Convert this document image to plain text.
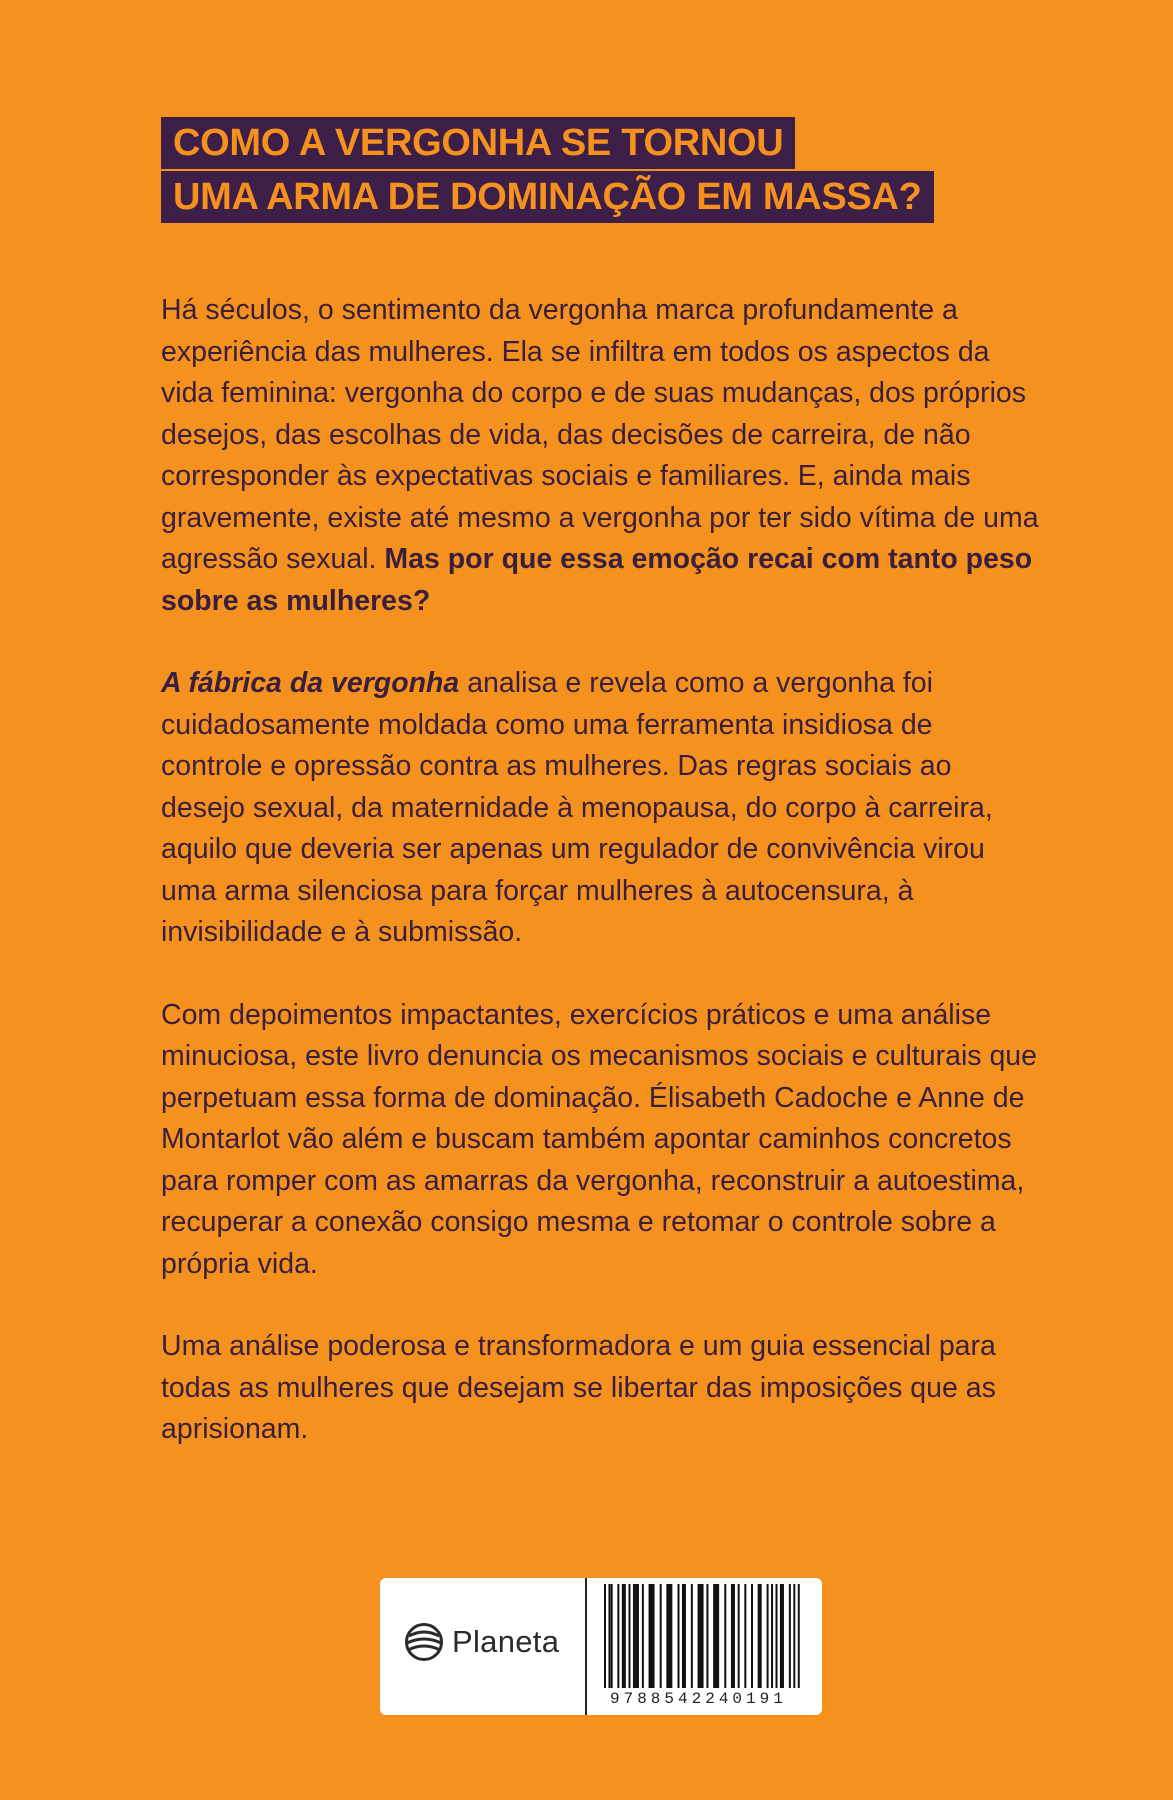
COMO A VERGONHA SE TORNOU
UMA ARMA DE DOMINAÇÃO EM MASSA?

Há séculos, o sentimento da vergonha marca profundamente a experiência das mulheres. Ela se infiltra em todos os aspectos da vida feminina: vergonha do corpo e de suas mudanças, dos próprios desejos, das escolhas de vida, das decisões de carreira, de não corresponder às expectativas sociais e familiares. E, ainda mais gravemente, existe até mesmo a vergonha por ter sido vítima de uma agressão sexual. Mas por que essa emoção recai com tanto peso sobre as mulheres?

A fábrica da vergonha analisa e revela como a vergonha foi cuidadosamente moldada como uma ferramenta insidiosa de controle e opressão contra as mulheres. Das regras sociais ao desejo sexual, da maternidade à menopausa, do corpo à carreira, aquilo que deveria ser apenas um regulador de convivência virou uma arma silenciosa para forçar mulheres à autocensura, à invisibilidade e à submissão.

Com depoimentos impactantes, exercícios práticos e uma análise minuciosa, este livro denuncia os mecanismos sociais e culturais que perpetuam essa forma de dominação. Élisabeth Cadoche e Anne de Montarlot vão além e buscam também apontar caminhos concretos para romper com as amarras da vergonha, reconstruir a autoestima, recuperar a conexão consigo mesma e retomar o controle sobre a própria vida.

Uma análise poderosa e transformadora e um guia essencial para todas as mulheres que desejam se libertar das imposições que as aprisionam.

Planeta
9788542240191
